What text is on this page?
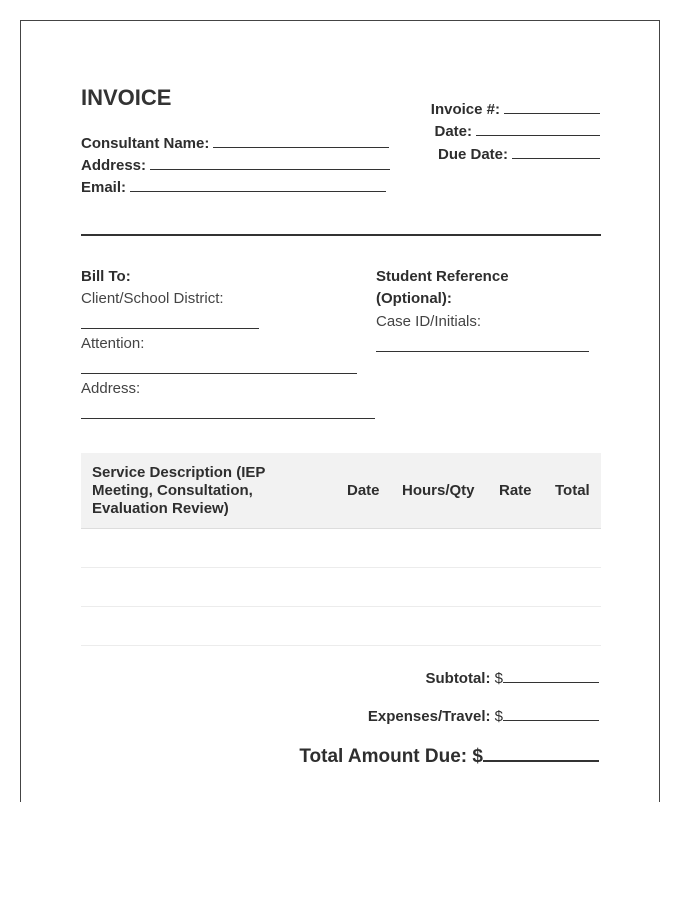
INVOICE
Consultant Name:
Address:
Email:
Invoice #:
Date:
Due Date:
Bill To:
Client/School District:
Attention:
Address:
Student Reference
(Optional):
Case ID/Initials:
Service Description (IEP Meeting, Consultation, Evaluation Review)
Date Hours/Qty Rate Total
Subtotal: $
Expenses/Travel: $
Total Amount Due: $
